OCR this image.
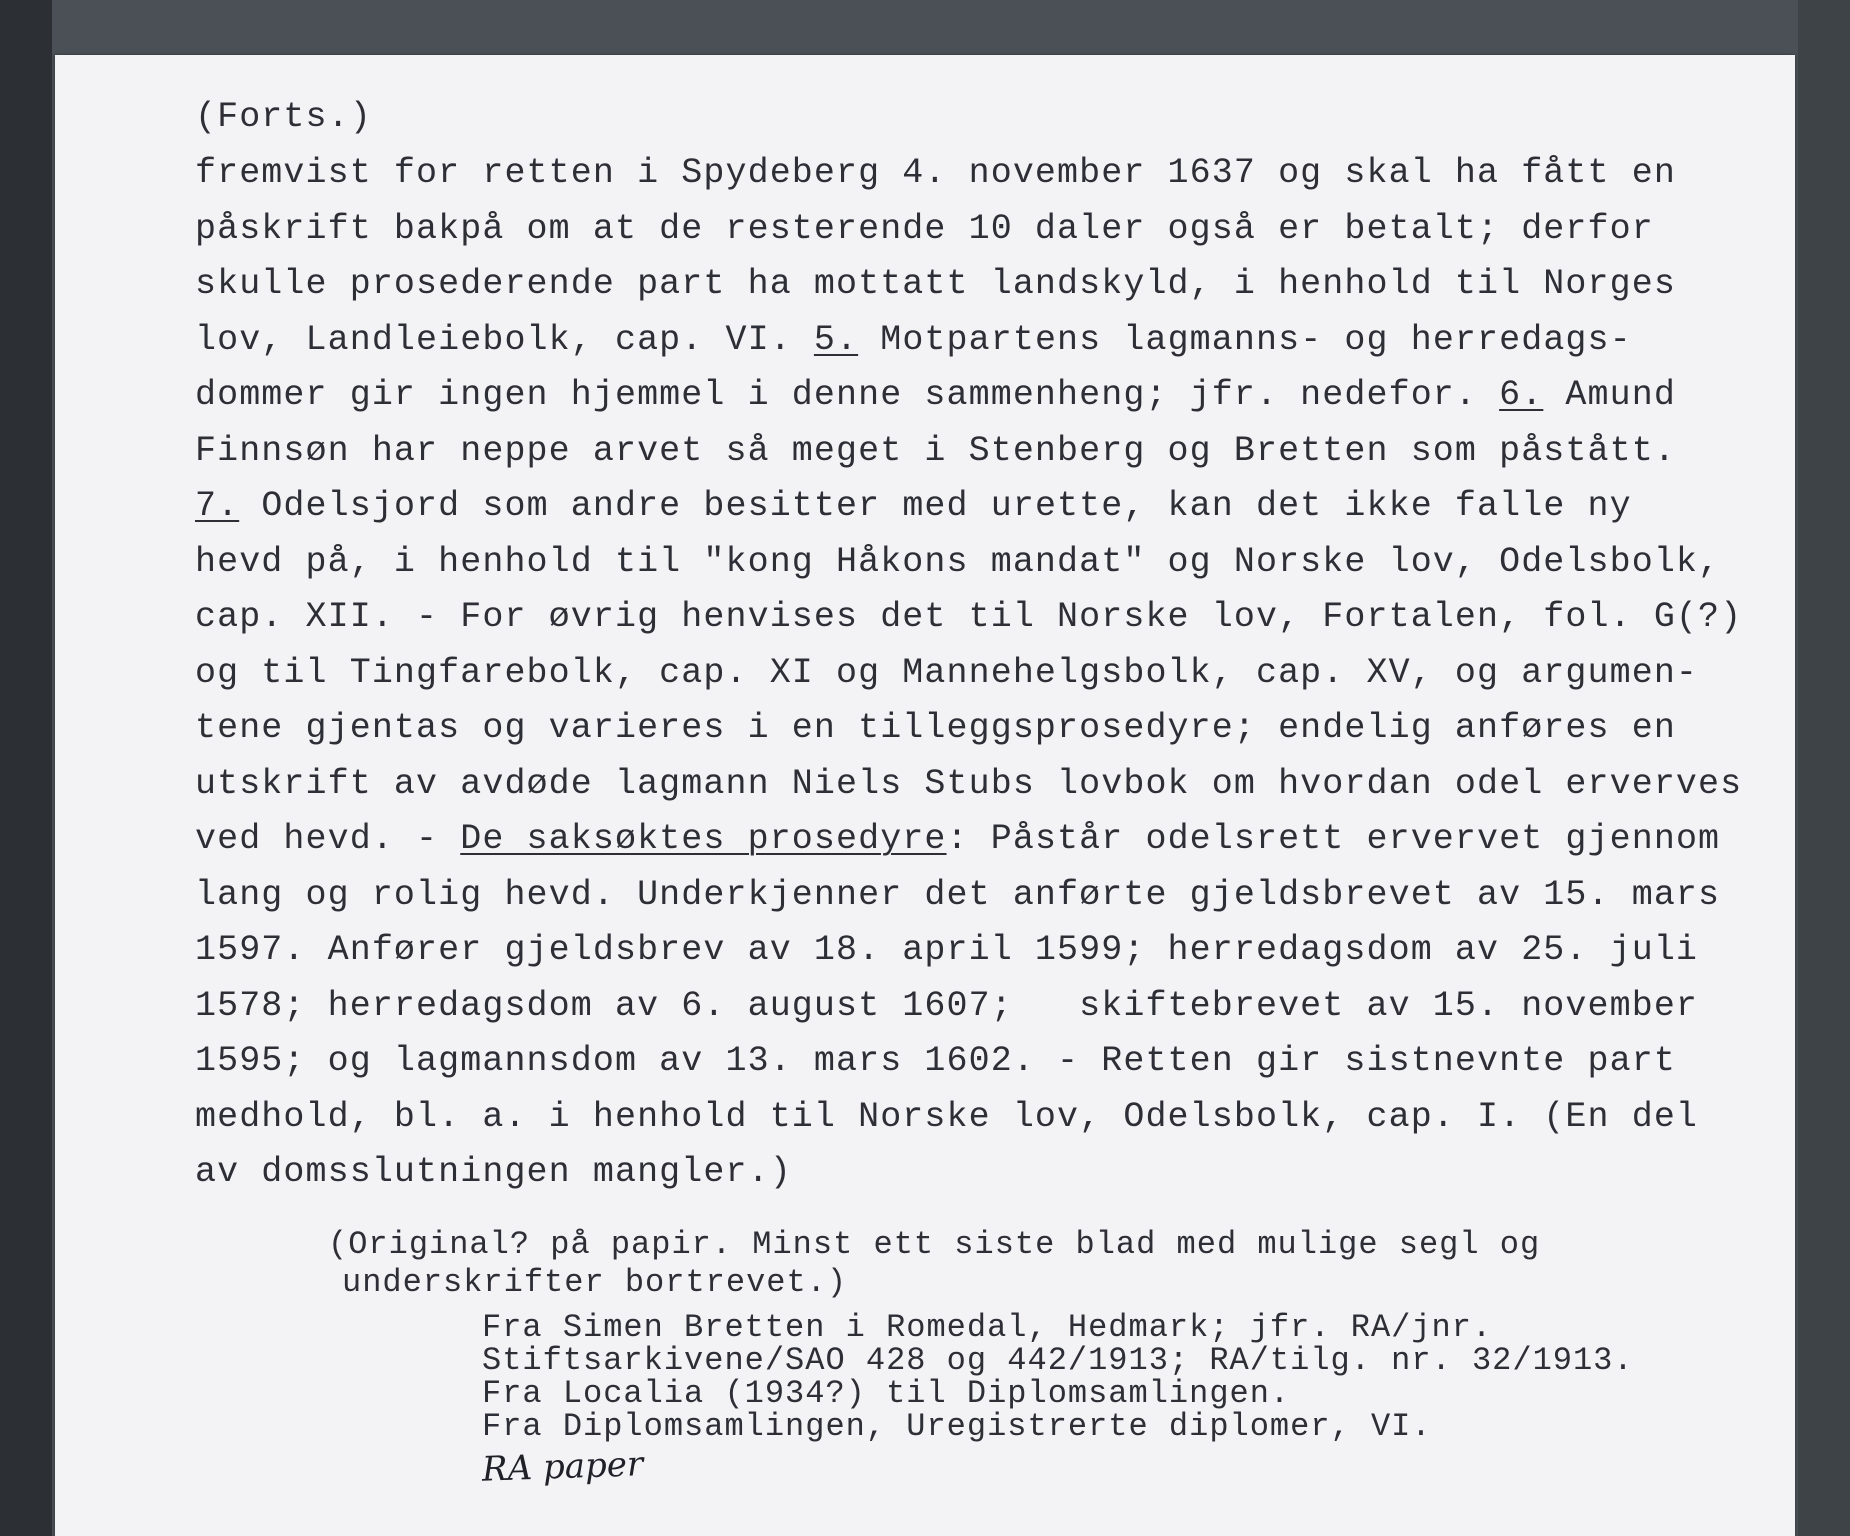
(Forts.)
fremvist for retten i Spydeberg 4. november 1637 og skal ha fått en
påskrift bakpå om at de resterende 10 daler også er betalt; derfor
skulle prosederende part ha mottatt landskyld, i henhold til Norges
lov, Landleiebolk, cap. VI. 5. Motpartens lagmanns- og herredags-
dommer gir ingen hjemmel i denne sammenheng; jfr. nedefor. 6. Amund
Finnsøn har neppe arvet så meget i Stenberg og Bretten som påstått.
7. Odelsjord som andre besitter med urette, kan det ikke falle ny
hevd på, i henhold til "kong Håkons mandat" og Norske lov, Odelsbolk,
cap. XII. - For øvrig henvises det til Norske lov, Fortalen, fol. G(?)
og til Tingfarebolk, cap. XI og Mannehelgsbolk, cap. XV, og argumen-
tene gjentas og varieres i en tilleggsprosedyre; endelig anføres en
utskrift av avdøde lagmann Niels Stubs lovbok om hvordan odel erverves
ved hevd. - De saksøktes prosedyre: Påstår odelsrett ervervet gjennom
lang og rolig hevd. Underkjenner det anførte gjeldsbrevet av 15. mars
1597. Anfører gjeldsbrev av 18. april 1599; herredagsdom av 25. juli
1578; herredagsdom av 6. august 1607;   skiftebrevet av 15. november
1595; og lagmannsdom av 13. mars 1602. - Retten gir sistnevnte part
medhold, bl. a. i henhold til Norske lov, Odelsbolk, cap. I. (En del
av domsslutningen mangler.)
(Original? på papir. Minst ett siste blad med mulige segl og
underskrifter bortrevet.)
Fra Simen Bretten i Romedal, Hedmark; jfr. RA/jnr.
Stiftsarkivene/SAO 428 og 442/1913; RA/tilg. nr. 32/1913.
Fra Localia (1934?) til Diplomsamlingen.
Fra Diplomsamlingen, Uregistrerte diplomer, VI.
RA paper
